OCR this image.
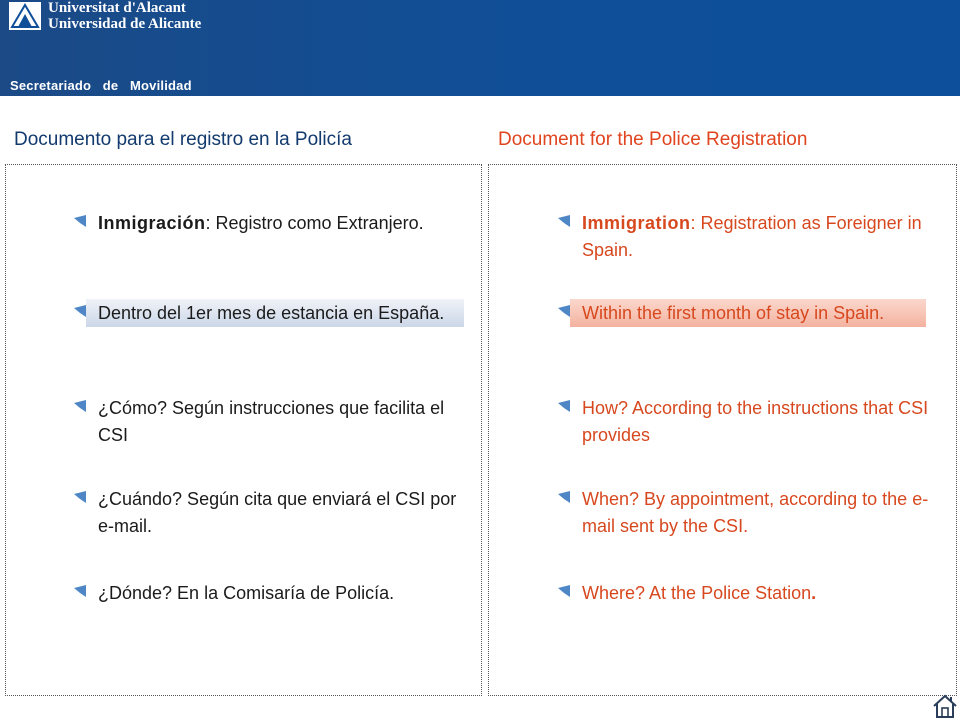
Universitat d'Alacant
Universidad de Alicante
Secretariado  de  Movilidad
Documento para el registro en la Policía	Document for the Police Registration
Inmigración: Registro como Extranjero.
Dentro del 1er mes de estancia en España.
¿Cómo? Según instrucciones que facilita el CSI
¿Cuándo? Según cita que enviará el CSI por e-mail.
¿Dónde? En la Comisaría de Policía.
Immigration: Registration as Foreigner in Spain.
Within the first month of stay in Spain.
How? According to the instructions that CSI provides
When? By appointment, according to the e-mail sent by the CSI.
Where? At the Police Station.
